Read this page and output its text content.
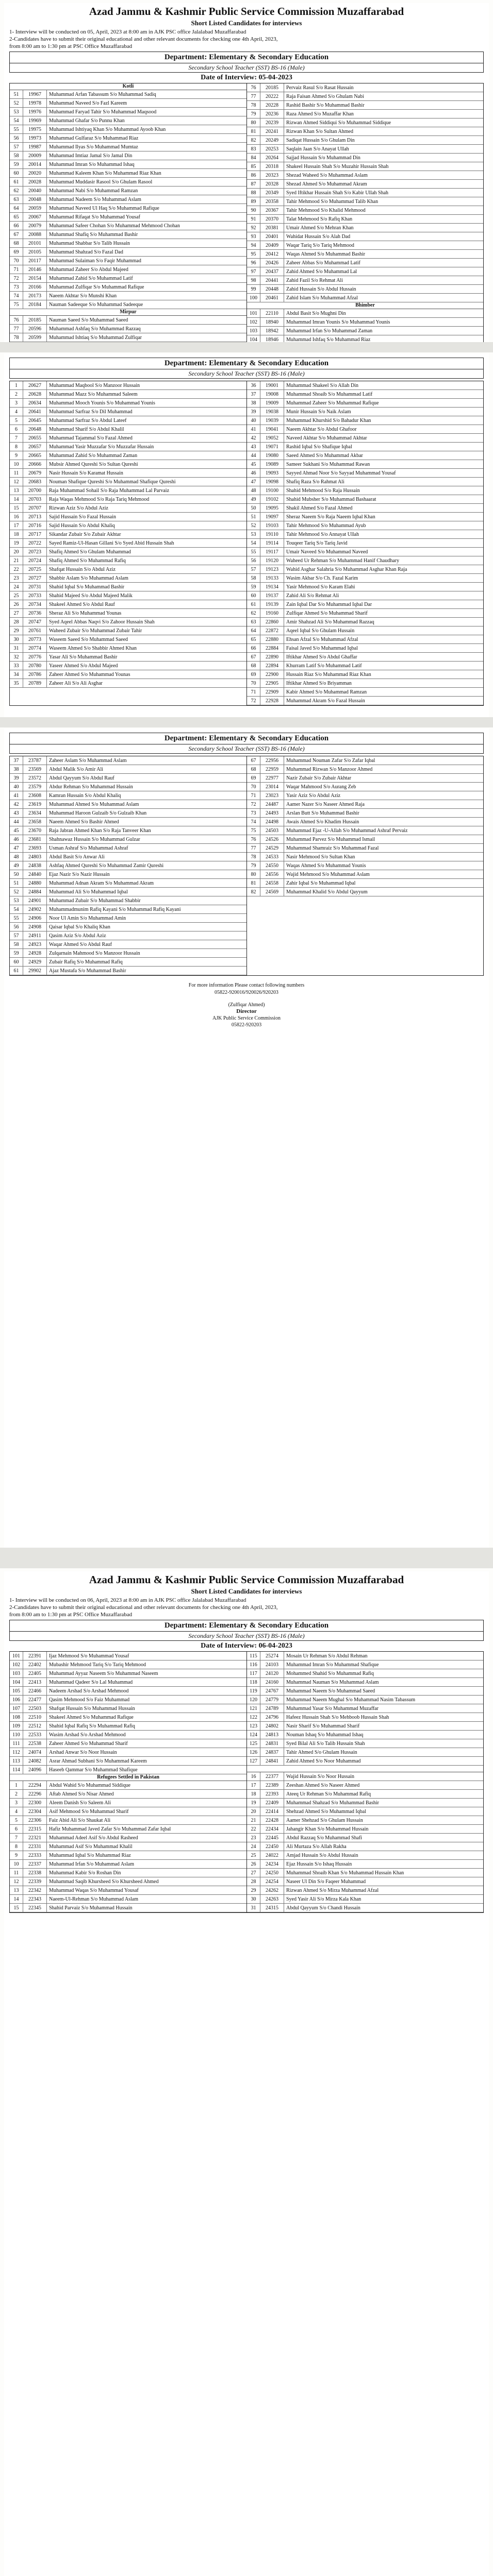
Azad Jammu & Kashmir Public Service Commission Muzaffarabad
Short Listed Candidates for interviews
1- Interview will be conducted on 05, April, 2023 at 8:00 am in AJK PSC office Jalalabad Muzaffarabad
2-Candidates have to submit their original educational and other relevant documents for checking one 4th April, 2023,
from 8:00 am to 1:30 pm at PSC Office Muzaffarabad
Department: Elementary & Secondary Education
Secondary School Teacher (SST) BS-16 (Male)
Date of Interview: 05-04-2023
Kotli
51	19967	Muhammad Arfan Tabassum S/o Muhammad Sadiq
52	19978	Muhammad Naveed S/o Fazl Kareem
53	19976	Muhammad Faryad Tahir S/o Muhammad Maqsood
54	19969	Muhammad Ghafar S/o Punnu Khan
55	19975	Muhammad Ishtiyaq Khan S/o Muhammad Ayoob Khan
56	19973	Muhammad Gulfaraz S/o Muhammad Riaz
57	19987	Muhammad Ilyas S/o Muhammad Mumtaz
58	20009	Muhammad Imtiaz Jamal S/o Jamal Din
59	20014	Muhammad Imran S/o Muhammad Ishaq
60	20020	Muhammad Kaleem Khan S/o Muhammad Riaz Khan
61	20028	Muhammad Muddasir Rasool S/o Ghulam Rasool
62	20040	Muhammad Nabi S/o Muhammad Ramzan
63	20048	Muhammad Nadeem S/o Muhammad Aslam
64	20059	Muhammad Naveed Ul Haq S/o Muhammad Rafique
65	20067	Muhammad Rifaqat S/o Muhammad Yousaf
66	20079	Muhammad Safeer Chohan S/o Muhammad Mehmood Chohan
67	20088	Muhammad Shafiq S/o Muhammad Bashir
68	20101	Muhammad Shabbar S/o Talib Hussain
69	20105	Muhammad Shahzad S/o Fazal Dad
70	20117	Muhammad Sulaiman S/o Faqir Muhammad
71	20146	Muhammad Zaheer S/o Abdul Majeed
72	20154	Muhammad Zahid S/o Muhammad Latif
73	20166	Muhammad Zulfiqar S/o Muhammad Rafique
74	20173	Naeem Akhtar S/o Munshi Khan
75	20184	Nauman Sadeeque S/o Muhammad Sadeeque
Mirpur
76	20185	Nauman Saeed S/o Muhammad Saeed
77	20596	Muhammad Ashfaq S/o Muhammad Razzaq
78	20599	Muhammad Ishtiaq S/o Muhammad Zulfiqar
76	20185	Pervaiz Rasul S/o Rasat Hussain
77	20222	Raja Faisan Ahmed S/o Ghulam Nabi
78	20228	Rashid Bashir S/o Muhammad Bashir
79	20236	Raza Ahmed S/o Muzaffar Khan
80	20239	Rizwan Ahmed Siddiqui S/o Muhammad Siddique
81	20241	Rizwan Khan S/o Sultan Ahmed
82	20249	Sadiqat Hussain S/o Ghulam Din
83	20253	Saqlain Jaan S/o Anayat Ullah
84	20264	Sajjad Hussain S/o Muhammad Din
85	20318	Shakeel Hussain Shah S/o Muzahir Hussain Shah
86	20323	Shezad Waheed S/o Muhammad Aslam
87	20328	Shezad Ahmed S/o Muhammad Akram
88	20349	Syed Iftikhar Hussain Shah S/o Kabir Ullah Shah
89	20358	Tahir Mehmood S/o Muhammad Talib Khan
90	20367	Tahir Mehmood S/o Khalid Mehmood
91	20370	Talat Mehmood S/o Rafiq Khan
92	20381	Umair Ahmed S/o Mehran Khan
93	20401	Wahidat Hussain S/o Alah Dad
94	20409	Waqar Tariq S/o Tariq Mehmood
95	20412	Waqas Ahmed S/o Muhammad Bashir
96	20426	Zaheer Abbas S/o Muhammad Latif
97	20437	Zahid Ahmed S/o Muhammad Lal
98	20441	Zahid Fazil S/o Rehmat Ali
99	20448	Zahid Hussain S/o Abdul Hussain
100	20461	Zahid Islam S/o Muhammad Afzal
Bhimber
101	22110	Abdul Basit S/o Mughni Din
102	18940	Muhammad Imran Younis S/o Muhammad Younis
103	18942	Muhammad Irfan S/o Muhammad Zaman
104	18946	Muhammad Ishfaq S/o Muhammad Riaz
Department: Elementary & Secondary Education
Secondary School Teacher (SST) BS-16 (Male)
1	20627	Muhammad Maqbool S/o Manzoor Hussain
2	20628	Muhammad Mazz S/o Muhammad Saleem
3	20634	Muhammad Mooch Younis S/o Muhammad Younis
4	20641	Muhammad Sarfraz S/o Dil Muhammad
5	20645	Muhammad Sarfraz S/o Abdul Lateef
6	20648	Muhammad Sharif S/o Abdul Khalil
7	20655	Muhammad Tajammal S/o Fazal Ahmed
8	20657	Muhammad Yasir Muzzafar S/o Muzzafar Hussain
9	20665	Muhammad Zahid S/o Muhammad Zaman
10	20666	Mubsir Ahmed Qureshi S/o Sultan Qureshi
11	20679	Nasir Hussain S/o Karamat Hussain
12	20683	Nouman Shafique Qureshi S/o Muhammad Shafique Qureshi
13	20700	Raja Muhammad Sohail S/o Raja Muhammad Lal Parvaiz
14	20703	Raja Waqas Mehmood S/o Raja Tariq Mehmood
15	20707	Rizwan Aziz S/o Abdul Aziz
16	20713	Sajid Hussain S/o Fazal Hussain
17	20716	Sajid Hussain S/o Abdul Khaliq
18	20717	Sikandar Zubair S/o Zubair Akhtar
19	20722	Sayed Ramiz-Ul-Hasan Gillani S/o Syed Abid Hussain Shah
20	20723	Shafiq Ahmed S/o Ghulam Muhammad
21	20724	Shafiq Ahmed S/o Muhammad Rafiq
22	20725	Shafqat Hussain S/o Abdul Aziz
23	20727	Shabbir Aslam S/o Muhammad Aslam
24	20731	Shahid Iqbal S/o Muhammad Bashir
25	20733	Shahid Majeed S/o Abdul Majeed Malik
26	20734	Shakeel Ahmed S/o Abdul Rauf
27	20736	Sheraz Ali S/o Muhammad Younas
28	20747	Syed Aqeel Abbas Naqvi S/o Zahoor Hussain Shah
29	20761	Waheed Zubair S/o Muhammad Zubair Tahir
30	20773	Waseem Saeed S/o Muhammad Saeed
31	20774	Waseem Ahmed S/o Shabbir Ahmed Khan
32	20776	Yasar Ali S/o Muhammad Bashir
33	20780	Yaseer Ahmed S/o Abdul Majeed
34	20786	Zaheer Ahmed S/o Muhammad Younas
35	20789	Zaheer Ali S/o Ali Asghar
36	19001	Muhammad Shakeel S/o Allah Din
37	19008	Muhammad Shoaib S/o Muhammad Latif
38	19009	Muhammad Zaheer S/o Muhammad Rafique
39	19038	Munir Hussain S/o Naik Aslam
40	19039	Muhammad Khurshid S/o Bahadur Khan
41	19041	Naeem Akhtar S/o Abdul Ghafoor
42	19052	Naveed Akhtar S/o Muhammad Akhtar
43	19071	Rashid Iqbal S/o Shafique Iqbal
44	19080	Saeed Ahmed S/o Muhammad Akbar
45	19089	Sameer Sukhani S/o Muhammad Rawan
46	19093	Sayyed Ahmad Noor S/o Sayyad Muhammad Yousaf
47	19098	Shafiq Raza S/o Rahmat Ali
48	19100	Shahid Mehmood S/o Raja Hussain
49	19102	Shahid Mubsher S/o Muhammad Bashaarat
50	19095	Shakil Ahmed S/o Fazal Ahmed
51	19097	Sheraz Naeem S/o Raja Naeem Iqbal Khan
52	19103	Tahir Mehmood S/o Muhammad Ayub
53	19110	Tahir Mehmood S/o Annayat Ullah
54	19114	Touqeer Tariq S/o Tariq Javid
55	19117	Umair Naveed S/o Muhammad Naveed
56	19120	Waheed Ur Rehman S/o Muhammad Hanif Chaudhary
57	19123	Wahid Asghar Salahria S/o Muhammad Asghar Khan Raja
58	19133	Wasim Akbar S/o Ch. Fazal Karim
59	19134	Yasir Mehmood S/o Karam Elahi
60	19137	Zahid Ali S/o Rehmat Ali
61	19139	Zain Iqbal Dar S/o Muhammad Iqbal Dar
62	19160	Zulfiqar Ahmed S/o Muhammad Sharif
63	22860	Amir Shahzad Ali S/o Muhammad Razzaq
64	22872	Aqeel Iqbal S/o Ghulam Hussain
65	22880	Ehsan Afzal S/o Muhammad Afzal
66	22884	Faisal Javed S/o Muhammad Iqbal
67	22890	Iftikhar Ahmed S/o Abdul Ghaffar
68	22894	Khurram Latif S/o Muhammad Latif
69	22900	Hussain Riaz S/o Muhammad Riaz Khan
70	22905	Iftikhar Ahmed S/o Briyamman
71	22909	Kabir Ahmed S/o Muhammad Ramzan
72	22928	Muhammad Akram S/o Fazal Hussain
Department: Elementary & Secondary Education
Secondary School Teacher (SST) BS-16 (Male)
37	23787	Zaheer Aslam S/o Muhammad Aslam
38	23569	Abdul Malik S/o Amir Ali
39	23572	Abdul Qayyum S/o Abdul Rauf
40	23579	Abdur Rehman S/o Muhammad Hussain
41	23608	Kamran Hussain S/o Abdul Khaliq
42	23619	Muhammad Ahmed S/o Muhammad Aslam
43	23634	Muhammad Haroon Gulzaib S/o Gulzaib Khan
44	23658	Naeem Ahmed S/o Bashir Ahmed
45	23670	Raja Jabran Ahmed Khan S/o Raja Tanveer Khan
46	23681	Shahnawaz Hussain S/o Muhammad Gulzar
47	23693	Usman Ashraf S/o Muhammad Ashraf
48	24803	Abdul Basit S/o Anwar Ali
49	24838	Ashfaq Ahmed Qureshi S/o Muhammad Zamir Qureshi
50	24840	Ejaz Nazir S/o Nazir Hussain
51	24880	Muhammad Adnan Akram S/o Muhammad Akram
52	24884	Muhammad Ali S/o Muhammad Iqbal
53	24901	Muhammad Zubair S/o Muhammad Shabbir
54	24902	Muhammadmunim Rafiq Kayani S/o Muhammad Rafiq Kayani
55	24906	Noor Ul Amin S/o Muhammad Amin
56	24908	Qaisar Iqbal S/o Khaliq Khan
57	24911	Qasim Aziz S/o Abdul Aziz
58	24923	Waqar Ahmed S/o Abdul Rauf
59	24928	Zulqarnain Mahmood S/o Manzoor Hussain
60	24929	Zubair Rafiq S/o Muhammad Rafiq
61	29902	Ajaz Mustafa S/o Muhammad Bashir
67	22956	Muhammad Nouman Zafar S/o Zafar Iqbal
68	22959	Muhammad Rizwan S/o Manzoor Ahmed
69	22977	Nazir Zubair S/o Zubair Akhtar
70	23014	Waqar Mahmood S/o Aurang Zeb
71	23023	Yasir Aziz S/o Abdul Aziz
72	24487	Aamer Nazer S/o Naseer Ahmed Raja
73	24493	Arslan Butt S/o Muhammad Bashir
74	24498	Awais Ahmed S/o Khadim Hussain
75	24503	Muhammad Ejaz -U-Allah S/o Muhammad Ashraf Pervaiz
76	24526	Muhammad Parvez S/o Muhammad Ismail
77	24529	Muhammad Shamraiz S/o Muhammad Fazal
78	24533	Nasir Mehmood S/o Sultan Khan
79	24550	Waqas Ahmed S/o Muhammad Younis
80	24556	Wajid Mehmood S/o Muhammad Aslam
81	24558	Zahir Iqbal S/o Muhammad Iqbal
82	24569	Muhammad Khalid S/o Abdul Qayyum
For more information Please contact following numbers
05822-920016/920026/920203
(Zulfiqar Ahmed)
Director
AJK Public Service Commission
05822-920203
Azad Jammu & Kashmir Public Service Commission Muzaffarabad
Short Listed Candidates for interviews
1- Interview will be conducted on 06, April, 2023 at 8:00 am in AJK PSC office Jalalabad Muzaffarabad
2-Candidates have to submit their original educational and other relevant documents for checking one 4th April, 2023,
from 8:00 am to 1:30 pm at PSC Office Muzaffarabad
Department: Elementary & Secondary Education
Secondary School Teacher (SST) BS-16 (Male)
Date of Interview: 06-04-2023
101	22391	Ijaz Mehmood S/o Muhammad Yousaf
102	22402	Mubashir Mehmood Tariq S/o Tariq Mehmood
103	22405	Muhammad Ayyaz Naseem S/o Muhammad Naseem
104	22413	Muhammad Qadeer S/o Lal Muhammad
105	22466	Nadeem Arshad S/o Arshad Mehmood
106	22477	Qasim Mehmood S/o Faiz Muhammad
107	22503	Shafqat Hussain S/o Muhammad Hussain
108	22510	Shakeel Ahmed S/o Muhammad Rafique
109	22512	Shahid Iqbal Rafiq S/o Muhammad Rafiq
110	22533	Wasim Arshad S/o Arshad Mehmood
111	22538	Zaheer Ahmed S/o Muhammad Sharif
112	24074	Arshad Anwar S/o Noor Hussain
113	24082	Asrar Ahmad Subhani S/o Muhammad Kareem
114	24096	Haseeb Qammar S/o Muhammad Shafique
Refugees Settled in Pakistan
1	22294	Abdul Wahid S/o Muhammad Siddique
2	22296	Aftab Ahmed S/o Nisar Ahmed
3	22300	Aleem Danish S/o Saleem Ali
4	22304	Asif Mehmood S/o Muhammad Sharif
5	22306	Faiz Abid Ali S/o Shaukat Ali
6	22315	Hafiz Muhammad Javed Zafar S/o Muhammad Zafar Iqbal
7	22321	Muhammad Adeel Asif S/o Abdul Rasheed
8	22331	Muhammad Asif S/o Muhammad Khalil
9	22333	Muhammad Iqbal S/o Muhammad Riaz
10	22337	Muhammad Irfan S/o Muhammad Aslam
11	22338	Muhammad Kabir S/o Roshan Din
12	22339	Muhammad Saqib Khursheed S/o Khursheed Ahmed
13	22342	Muhammad Waqas S/o Muhammad Yousaf
14	22343	Naeem-Ul-Rehman S/o Muhammad Aslam
15	22345	Shahid Parvaiz S/o Muhammad Hussain
115	25274	Mosain Ur Rehman S/o Abdul Rehman
116	24103	Muhammad Imran S/o Muhammad Shafique
117	24120	Mohammed Shahid S/o Muhammad Rafiq
118	24160	Muhammad Nauman S/o Muhammad Aslam
119	24767	Muhammad Naeem S/o Muhammad Saeed
120	24779	Muhammad Naeem Mughal S/o Muhammad Nasim Tabassum
121	24789	Muhammad Yasar S/o Muhammad Muzaffar
122	24796	Hafeez Hussain Shah S/o Mehboob Hussain Shah
123	24802	Nasir Sharif S/o Muhammad Sharif
124	24813	Nouman Ishaq S/o Muhammad Ishaq
125	24831	Syed Bilal Ali S/o Talib Hussain Shah
126	24837	Tahir Ahmed S/o Ghulam Hussain
127	24841	Zahid Ahmed S/o Noor Muhammad
16	22377	Wajid Hussain S/o Noor Hussain
17	22389	Zeeshan Ahmed S/o Naseer Ahmed
18	22393	Ateeq Ur Rehman S/o Muhammad Rafiq
19	22409	Muhammad Shahzad S/o Muhammad Bashir
20	22414	Shehzad Ahmed S/o Muhammad Iqbal
21	22428	Aamer Shehzad S/o Ghulam Hussain
22	22434	Jahangir Khan S/o Muhammad Hussain
23	22445	Abdul Razzaq S/o Muhammad Shafi
24	22450	Ali Murtaza S/o Allah Rakha
25	24022	Amjad Hussain S/o Abdul Hussain
26	24234	Ejaz Hussain S/o Ishaq Hussain
27	24250	Muhammad Shoaib Khan S/o Muhammad Hussain Khan
28	24254	Naseer Ul Din S/o Faqeer Muhammad
29	24262	Rizwan Ahmed S/o Mirza Muhammad Afzal
30	24263	Syed Yasir Ali S/o Mirza Kala Khan
31	24315	Abdul Qayyum S/o Chandi Hussain
